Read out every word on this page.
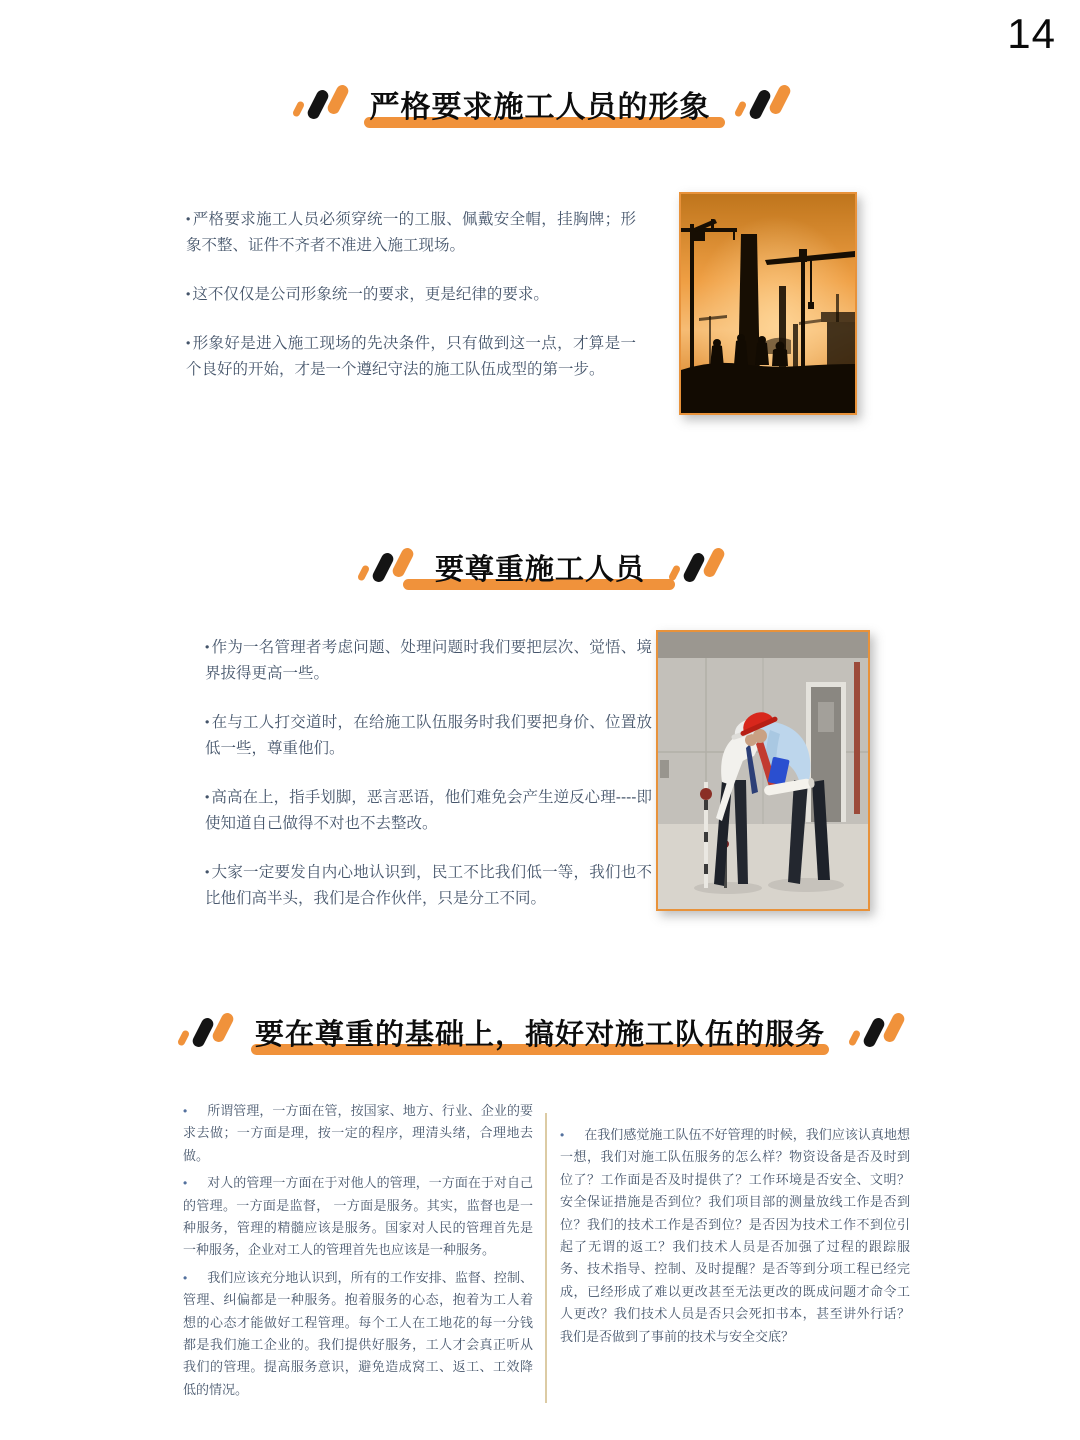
14
严格要求施工人员的形象

• 严格要求施工人员必须穿统一的工服、佩戴安全帽，挂胸牌；形象不整、证件不齐者不准进入施工现场。

• 这不仅仅是公司形象统一的要求，更是纪律的要求。

• 形象好是进入施工现场的先决条件，只有做到这一点，才算是一个良好的开始，才是一个遵纪守法的施工队伍成型的第一步。

要尊重施工人员

• 作为一名管理者考虑问题、处理问题时我们要把层次、觉悟、境界拔得更高一些。

• 在与工人打交道时，在给施工队伍服务时我们要把身价、位置放低一些，尊重他们。

• 高高在上，指手划脚，恶言恶语，他们难免会产生逆反心理----即使知道自己做得不对也不去整改。

• 大家一定要发自内心地认识到，民工不比我们低一等，我们也不比他们高半头，我们是合作伙伴，只是分工不同。

要在尊重的基础上，搞好对施工队伍的服务

• 所谓管理，一方面在管，按国家、地方、行业、企业的要求去做；一方面是理，按一定的程序，理清头绪，合理地去做。

• 对人的管理一方面在于对他人的管理，一方面在于对自己的管理。一方面是监督， 一方面是服务。其实，监督也是一种服务，管理的精髓应该是服务。国家对人民的管理首先是一种服务，企业对工人的管理首先也应该是一种服务。

• 我们应该充分地认识到，所有的工作安排、监督、控制、管理、纠偏都是一种服务。抱着服务的心态，抱着为工人着想的心态才能做好工程管理。每个工人在工地花的每一分钱都是我们施工企业的。我们提供好服务，工人才会真正听从我们的管理。提高服务意识，避免造成窝工、返工、工效降低的情况。

• 在我们感觉施工队伍不好管理的时候，我们应该认真地想一想，我们对施工队伍服务的怎么样？物资设备是否及时到位了？工作面是否及时提供了？工作环境是否安全、文明？安全保证措施是否到位？我们项目部的测量放线工作是否到位？我们的技术工作是否到位？是否因为技术工作不到位引起了无谓的返工？我们技术人员是否加强了过程的跟踪服务、技术指导、控制、及时提醒？是否等到分项工程已经完成，已经形成了难以更改甚至无法更改的既成问题才命令工人更改？我们技术人员是否只会死扣书本，甚至讲外行话？我们是否做到了事前的技术与安全交底？
